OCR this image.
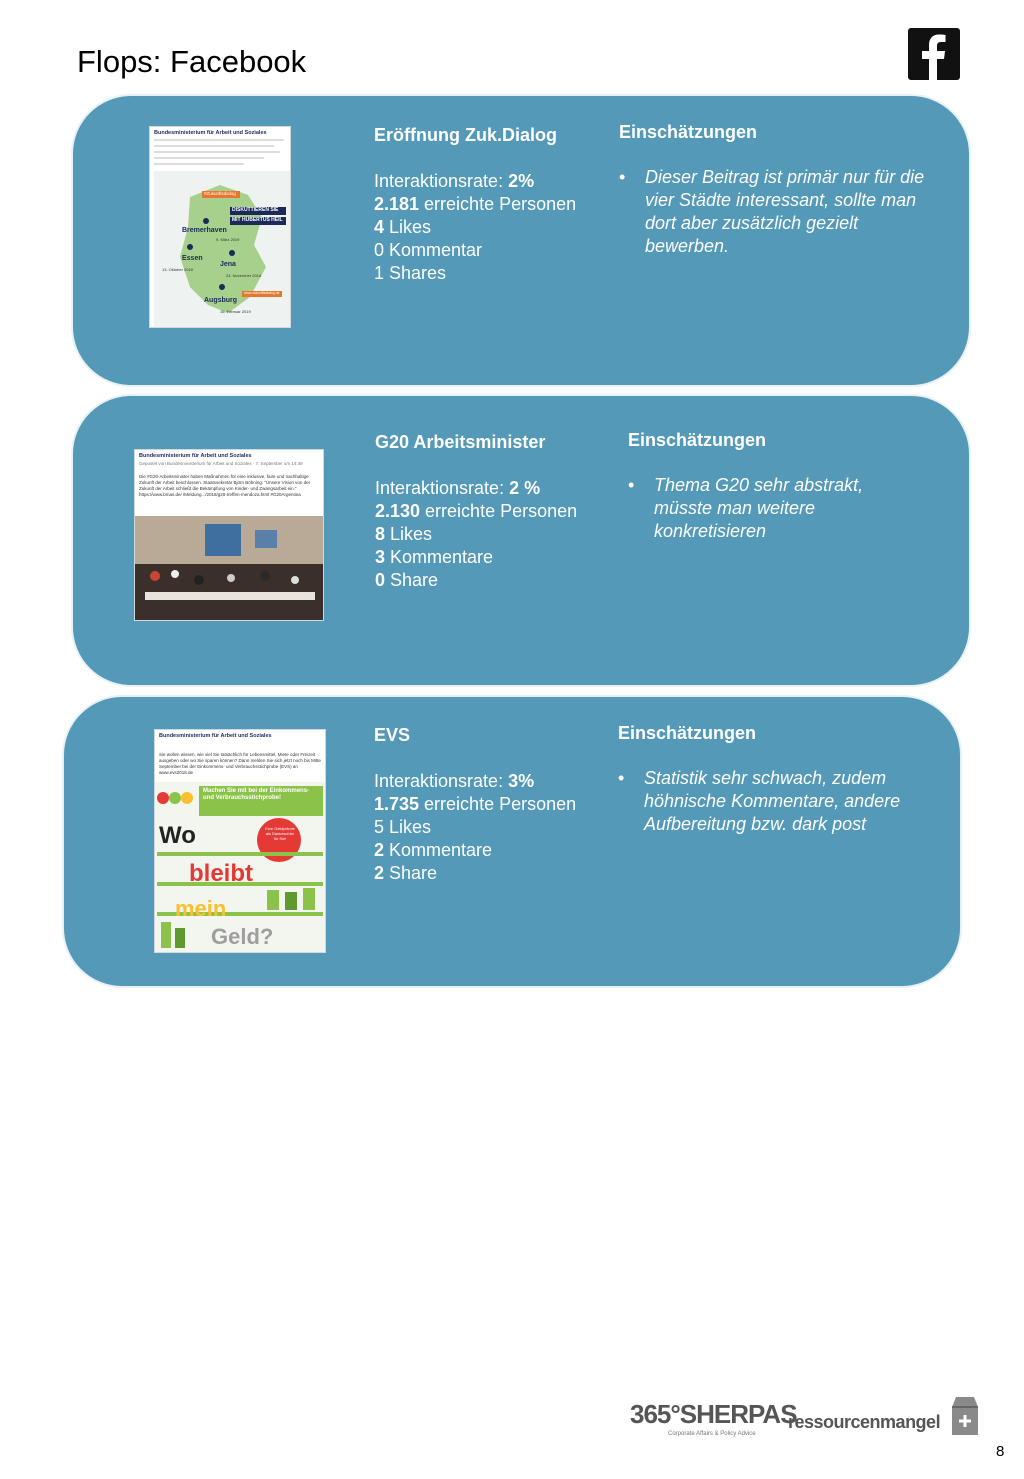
Flops: Facebook
Bundesministerium für Arbeit und Soziales
#Zukunftsdialog
DISKUTTIEREN SIE
MIT HUBERTUS HEIL
Bremerhaven
9. März 2019
Essen
13. Oktober 2018
Jena
24. November 2018
Augsburg
16. Februar 2019
www.zukunftsdialog.de
Eröffnung Zuk.Dialog
Interaktionsrate: 2%
2.181 erreichte Personen
4 Likes
0 Kommentar
1 Shares
Einschätzungen
• Dieser Beitrag ist primär nur für die vier Städte interessant, sollte man dort aber zusätzlich gezielt bewerben.
Bundesministerium für Arbeit und Soziales
Gepostet von Bundesministerium für Arbeit und Soziales · 7. September um 14:49
Die #G20-Arbeitsminister haben Maßnahmen für eine inklusive, faire und nachhaltige Zukunft der Arbeit beschlossen. Staatssekretär Björn Böhning: "Unsere Vision von der Zukunft der Arbeit schließt die Bekämpfung von Kinder- und Zwangsarbeit ein." https://www.bmas.de/ /Meldung.../2018/g20-treffen-mendoza.html #G20Argentina
G20 Arbeitsminister
Interaktionsrate: 2 %
2.130 erreichte Personen
8 Likes
3 Kommentare
0 Share
Einschätzungen
• Thema G20 sehr abstrakt, müsste man weitere konkretisieren
Bundesministerium für Arbeit und Soziales
Sie wollen wissen, wie viel Sie tatsächlich für Lebensmittel, Miete oder Freizeit ausgeben oder wo Sie sparen können? Dann melden Sie sich jetzt noch bis Mitte September bei der Einkommens- und Verbrauchsstichprobe (EVS) an www.evs2018.de
Machen Sie mit bei der Einkommens- und Verbrauchsstichprobe!
Eine Geldprämie als Dankeschön für Sie!
Wo
bleibt
mein
Geld?
EVS
Interaktionsrate: 3%
1.735 erreichte Personen
5 Likes
2 Kommentare
2 Share
Einschätzungen
• Statistik sehr schwach, zudem höhnische Kommentare, andere Aufbereitung bzw. dark post
365°SHERPAS
Corporate Affairs & Policy Advice
ressourcenmangel
8
